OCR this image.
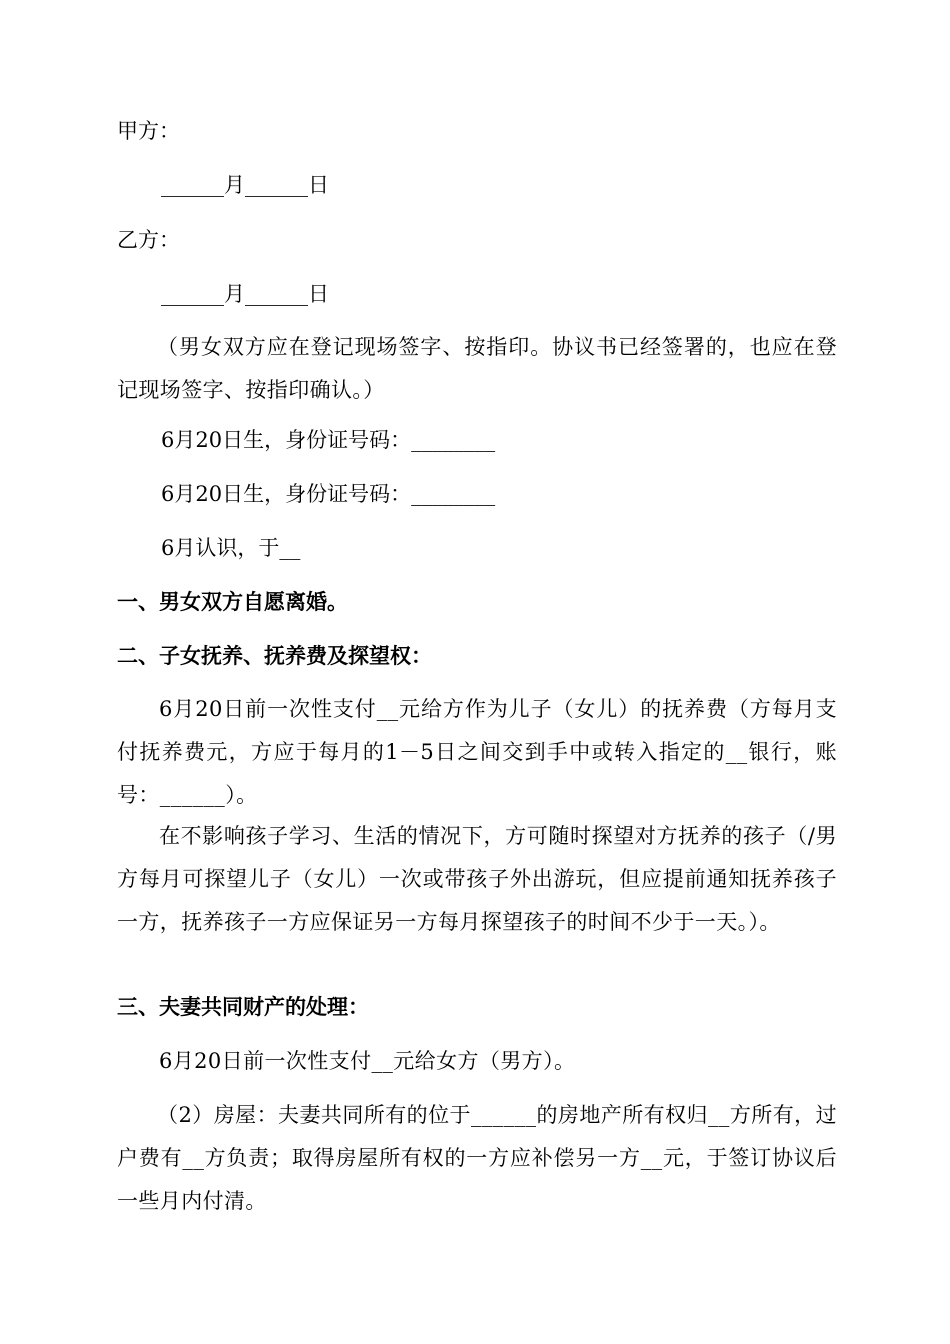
甲方：

______月______日

乙方：

______月______日

（男女双方应在登记现场签字、按指印。协议书已经签署的，也应在登记现场签字、按指印确认。）

6月20日生，身份证号码：________

6月20日生，身份证号码：________

6月认识，于__

一、男女双方自愿离婚。

二、子女抚养、抚养费及探望权：

6月20日前一次性支付__元给方作为儿子（女儿）的抚养费（方每月支付抚养费元，方应于每月的1－5日之间交到手中或转入指定的__银行，账号：______）。

在不影响孩子学习、生活的情况下，方可随时探望对方抚养的孩子（/男方每月可探望儿子（女儿）一次或带孩子外出游玩，但应提前通知抚养孩子一方，抚养孩子一方应保证另一方每月探望孩子的时间不少于一天。）。

三、夫妻共同财产的处理：

6月20日前一次性支付__元给女方（男方）。

（2）房屋：夫妻共同所有的位于______的房地产所有权归__方所有，过户费有__方负责；取得房屋所有权的一方应补偿另一方__元，于签订协议后一些月内付清。
